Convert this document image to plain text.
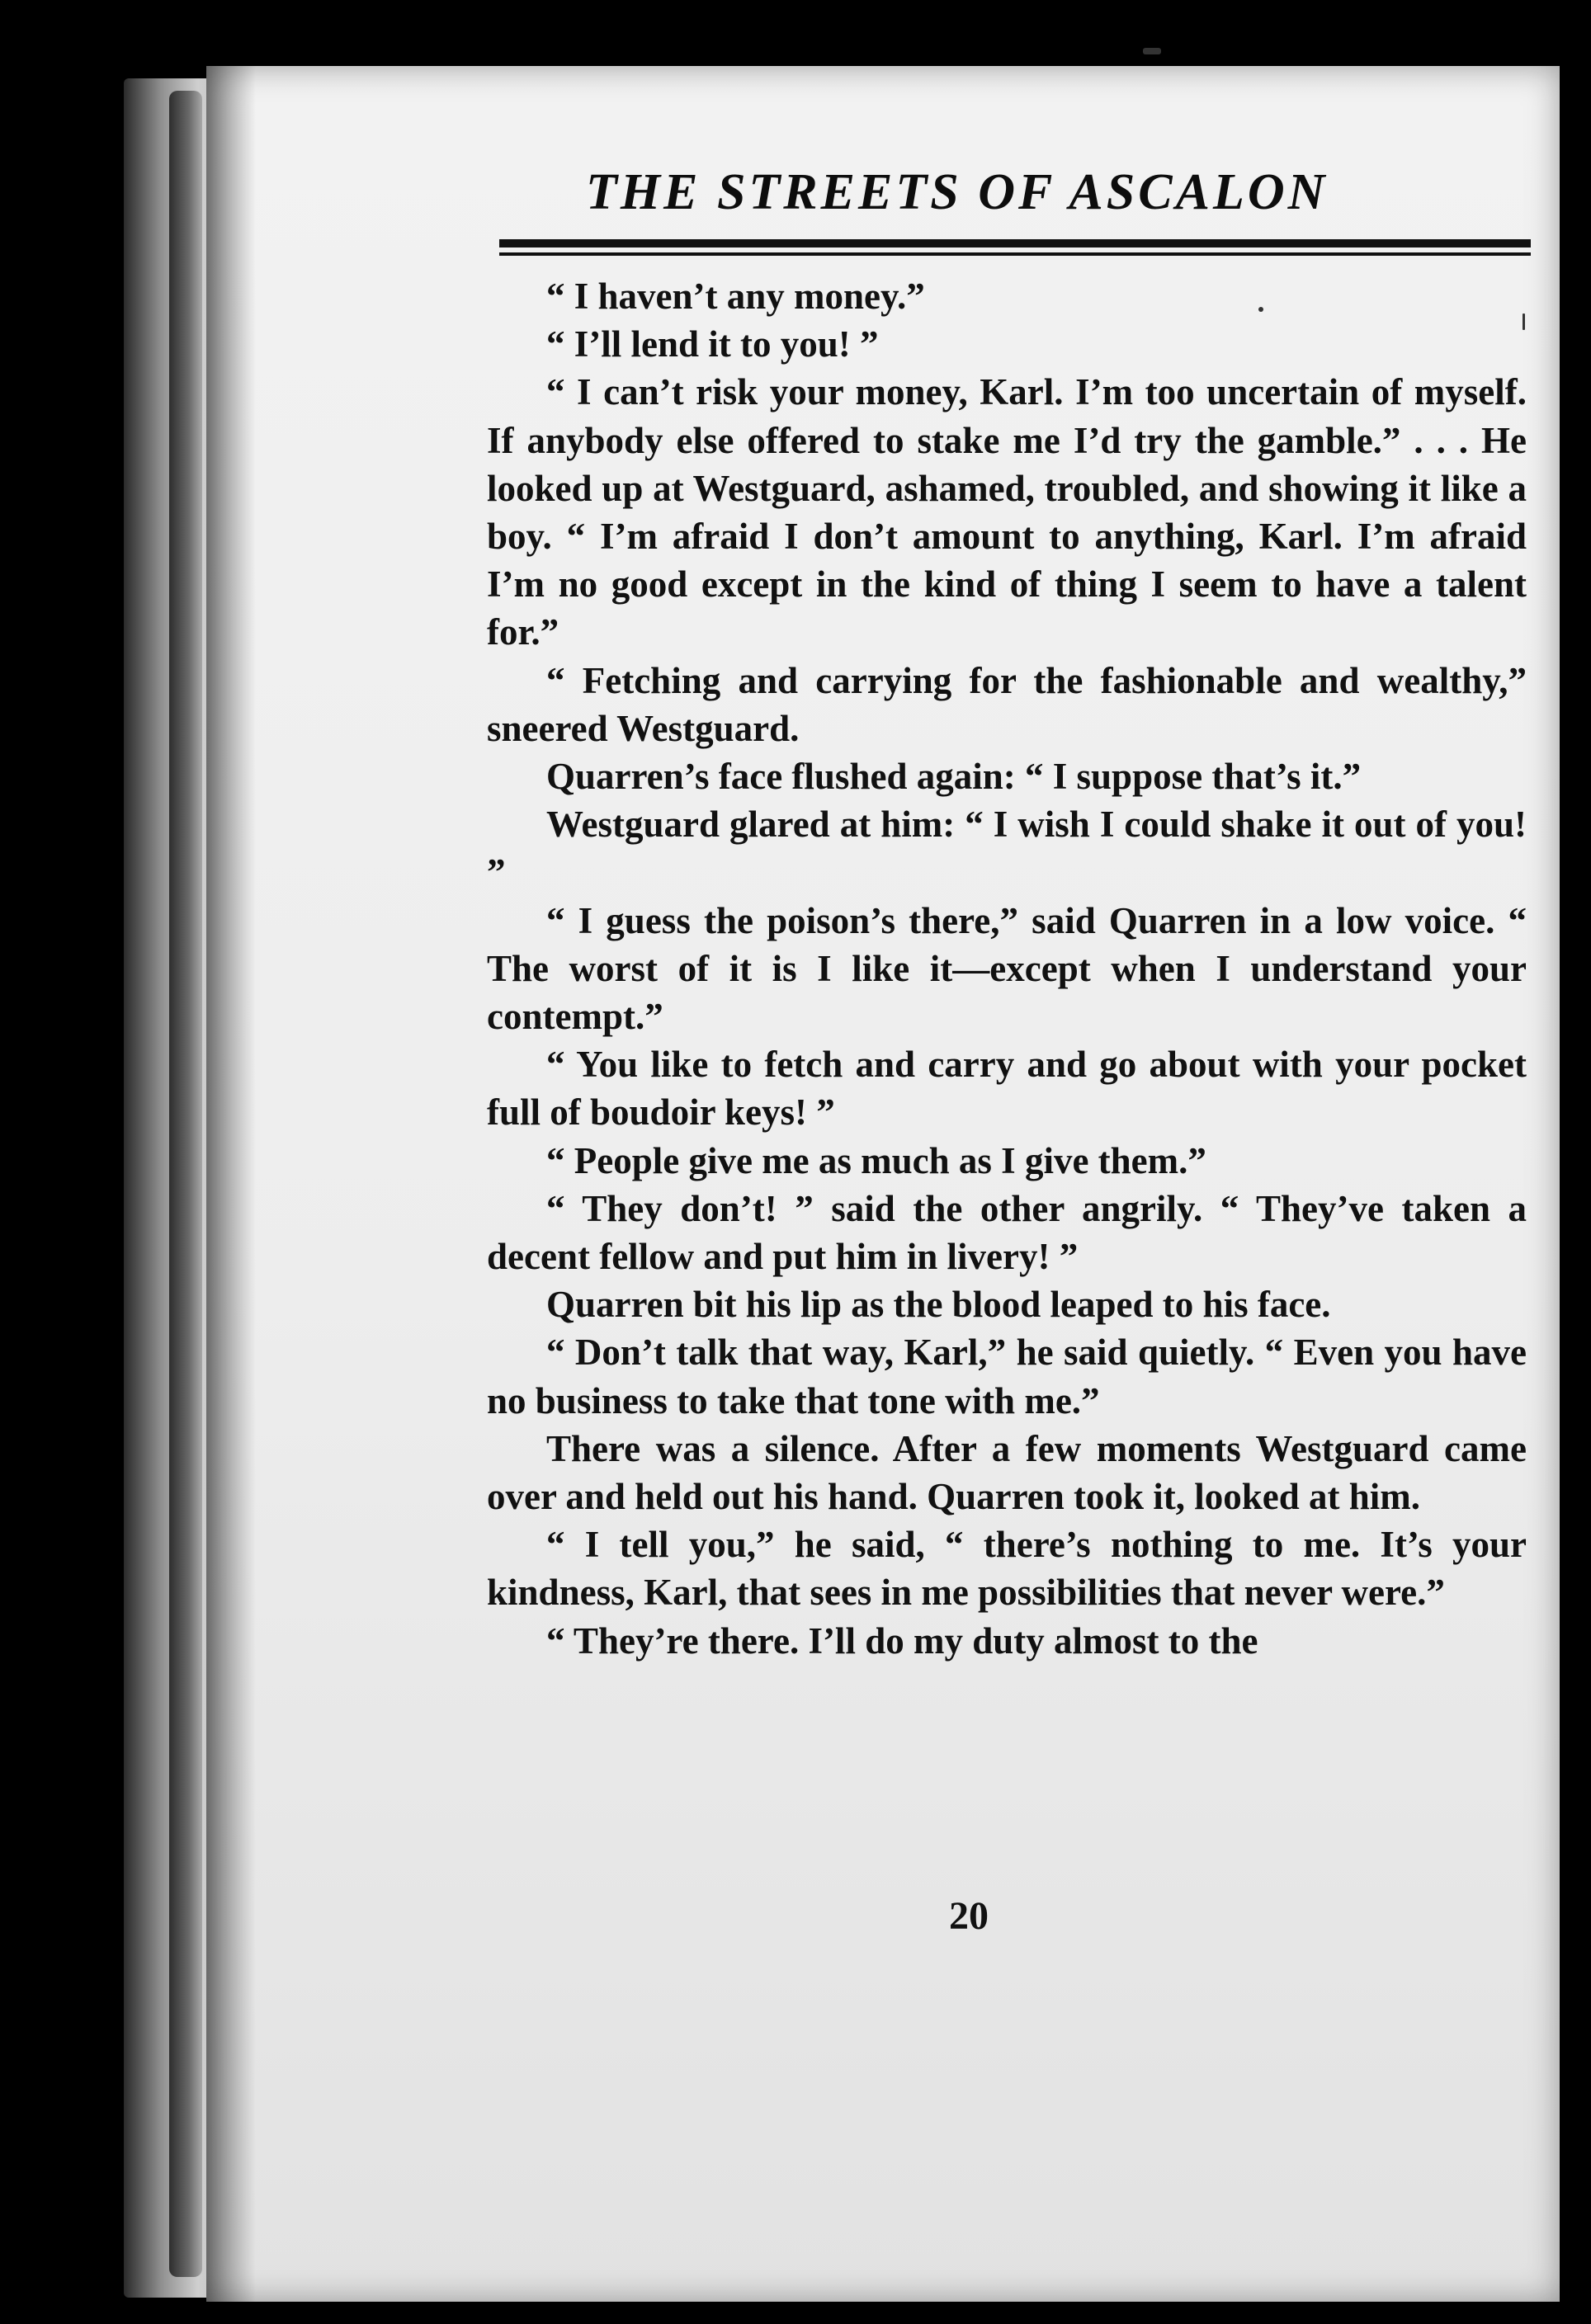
THE STREETS OF ASCALON

“ I haven’t any money.”

“ I’ll lend it to you! ”

“ I can’t risk your money, Karl. I’m too uncertain of myself. If anybody else offered to stake me I’d try the gamble.” . . . He looked up at Westguard, ashamed, troubled, and showing it like a boy. “ I’m afraid I don’t amount to anything, Karl. I’m afraid I’m no good except in the kind of thing I seem to have a talent for.”

“ Fetching and carrying for the fashionable and wealthy,” sneered Westguard.

Quarren’s face flushed again: “ I suppose that’s it.”

Westguard glared at him: “ I wish I could shake it out of you! ”

“ I guess the poison’s there,” said Quarren in a low voice. “ The worst of it is I like it—except when I understand your contempt.”

“ You like to fetch and carry and go about with your pocket full of boudoir keys! ”

“ People give me as much as I give them.”

“ They don’t! ” said the other angrily. “ They’ve taken a decent fellow and put him in livery! ”

Quarren bit his lip as the blood leaped to his face.

“ Don’t talk that way, Karl,” he said quietly. “ Even you have no business to take that tone with me.”

There was a silence. After a few moments Westguard came over and held out his hand. Quarren took it, looked at him.

“ I tell you,” he said, “ there’s nothing to me. It’s your kindness, Karl, that sees in me possibilities that never were.”

“ They’re there. I’ll do my duty almost to the

20
